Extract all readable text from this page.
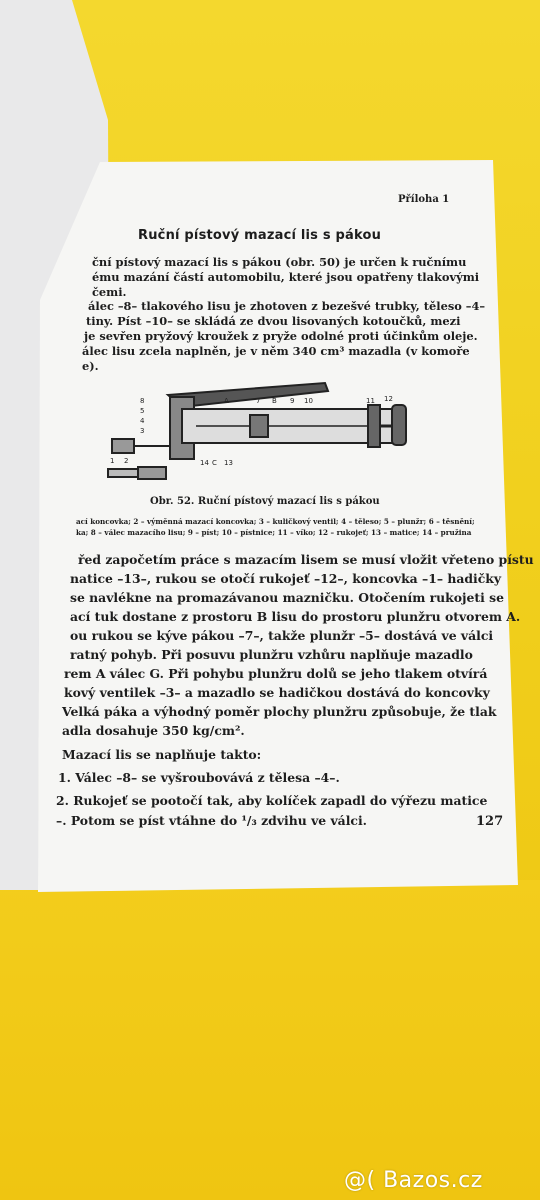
Příloha 1
Ruční pístový mazací lis s pákou
ční pístový mazací lis s pákou (obr. 50) je určen k ručnímu
ému mazání částí automobilu, které jsou opatřeny tlakovými
čemi.
álec –8– tlakového lisu je zhotoven z bezešvé trubky, těleso –4–
tiny. Píst –10– se skládá ze dvou lisovaných kotoučků, mezi
je sevřen pryžový kroužek z pryže odolné proti účinkům oleje.
álec lisu zcela naplněn, je v něm 340 cm³ mazadla (v komoře
e).
8
5
4
3
2
1
A	7 B 9 10	11 12
14 C 13
Obr. 52. Ruční pístový mazací lis s pákou
ací koncovka; 2 – výměnná mazací koncovka; 3 – kuličkový ventil; 4 – těleso; 5 – plunžr; 6 – těsnění;
ka; 8 – válec mazacího lisu; 9 – píst; 10 – pístnice; 11 – víko; 12 – rukojeť; 13 – matice; 14 – pružina
řed započetím práce s mazacím lisem se musí vložit vřeteno pístu
natice –13–, rukou se otočí rukojeť –12–, koncovka –1– hadičky
se navlékne na promazávanou mazničku. Otočením rukojeti se
ací tuk dostane z prostoru B lisu do prostoru plunžru otvorem A.
ou rukou se kýve pákou –7–, takže plunžr –5– dostává ve válci
ratný pohyb. Při posuvu plunžru vzhůru naplňuje mazadlo
rem A válec G. Při pohybu plunžru dolů se jeho tlakem otvírá
kový ventilek –3– a mazadlo se hadičkou dostává do koncovky
Velká páka a výhodný poměr plochy plunžru způsobuje, že tlak
adla dosahuje 350 kg/cm².
Mazací lis se naplňuje takto:
1. Válec –8– se vyšroubovává z tělesa –4–.
2. Rukojeť se pootočí tak, aby kolíček zapadl do výřezu matice
–. Potom se píst vtáhne do ¹/₃ zdvihu ve válci.	127
@( Bazos.cz
